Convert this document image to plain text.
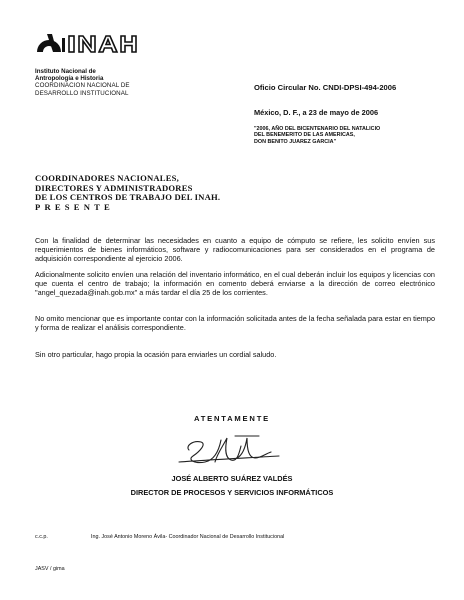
INAH
Instituto Nacional de
Antropología e Historia
COORDINACION NACIONAL DE
DESARROLLO INSTITUCIONAL
Oficio Circular No. CNDI-DPSI-494-2006
México, D. F., a 23 de mayo de 2006
"2006, AÑO DEL BICENTENARIO DEL NATALICIO
DEL BENEMERITO DE LAS AMERICAS,
DON BENITO JUAREZ GARCIA"
COORDINADORES NACIONALES,
DIRECTORES Y ADMINISTRADORES
DE LOS CENTROS DE TRABAJO DEL INAH.
PRESENTE
Con la finalidad de determinar las necesidades en cuanto a equipo de cómputo se refiere, les solicito envíen sus requerimientos de bienes informáticos, software y radiocomunicaciones para ser considerados en el programa de adquisición correspondiente al ejercicio 2006.
Adicionalmente solicito envíen una relación del inventario informático, en el cual deberán incluir los equipos y licencias con que cuenta el centro de trabajo; la información en comento deberá enviarse a la dirección de correo electrónico "angel_quezada@inah.gob.mx" a más tardar el día 25 de los corrientes.
No omito mencionar que es importante contar con la información solicitada antes de la fecha señalada para estar en tiempo y forma de realizar el análisis correspondiente.
Sin otro particular, hago propia la ocasión para enviarles un cordial saludo.
ATENTAMENTE
JOSÉ ALBERTO SUÁREZ VALDÉS
DIRECTOR DE PROCESOS Y SERVICIOS INFORMÁTICOS
c.c.p.	Ing. José Antonio Moreno Ávila- Coordinador Nacional de Desarrollo Institucional
JASV / gima
